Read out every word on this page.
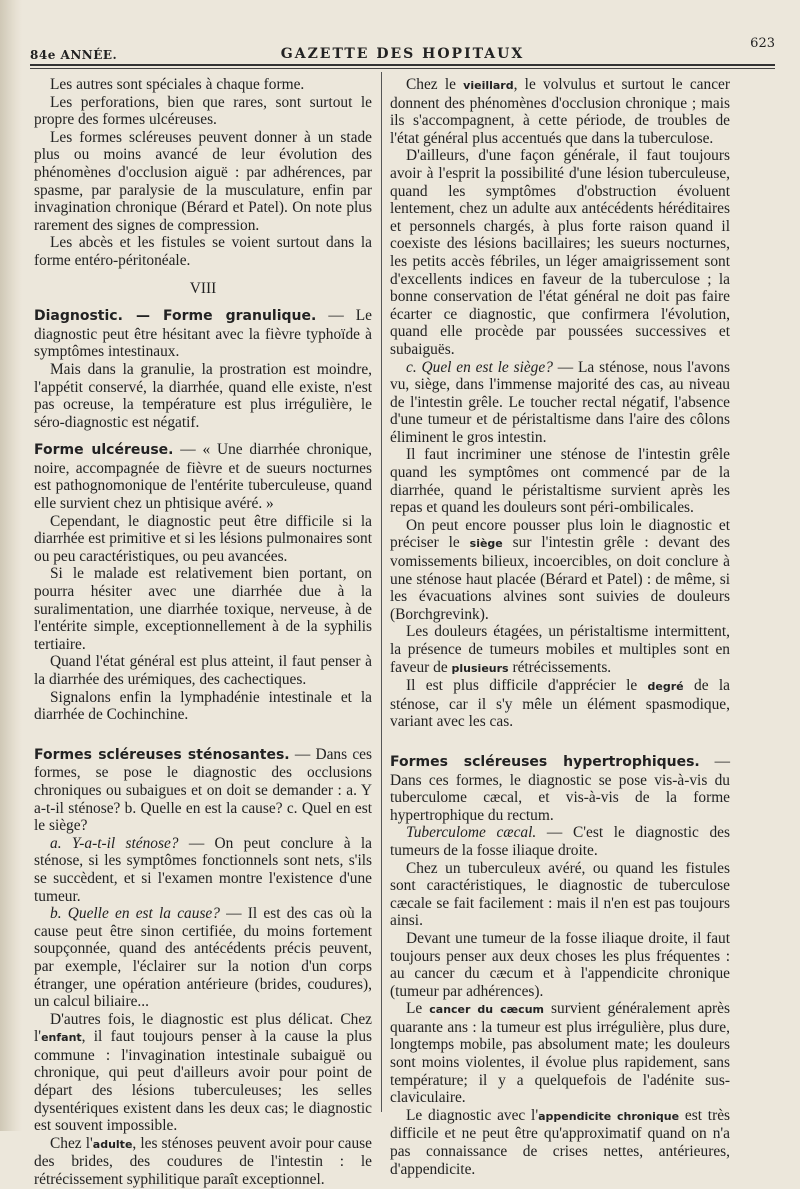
84e ANNÉE.	GAZETTE DES HOPITAUX
623

Les autres sont spéciales à chaque forme.

Les perforations, bien que rares, sont surtout le propre des formes ulcéreuses.

Les formes scléreuses peuvent donner à un stade plus ou moins avancé de leur évolution des phénomènes d'occlusion aiguë : par adhérences, par spasme, par paralysie de la musculature, enfin par invagination chronique (Bérard et Patel). On note plus rarement des signes de compression.

Les abcès et les fistules se voient surtout dans la forme entéro-péritonéale.

VIII

Diagnostic. — Forme granulique. — Le diagnostic peut être hésitant avec la fièvre typhoïde à symptômes intestinaux.

Mais dans la granulie, la prostration est moindre, l'appétit conservé, la diarrhée, quand elle existe, n'est pas ocreuse, la température est plus irrégulière, le séro-diagnostic est négatif.

Forme ulcéreuse. — « Une diarrhée chronique, noire, accompagnée de fièvre et de sueurs nocturnes est pathognomonique de l'entérite tuberculeuse, quand elle survient chez un phtisique avéré. »

Cependant, le diagnostic peut être difficile si la diarrhée est primitive et si les lésions pulmonaires sont ou peu caractéristiques, ou peu avancées.

Si le malade est relativement bien portant, on pourra hésiter avec une diarrhée due à la suralimentation, une diarrhée toxique, nerveuse, à de l'entérite simple, exceptionnellement à de la syphilis tertiaire.

Quand l'état général est plus atteint, il faut penser à la diarrhée des urémiques, des cachectiques.

Signalons enfin la lymphadénie intestinale et la diarrhée de Cochinchine.

Formes scléreuses sténosantes. — Dans ces formes, se pose le diagnostic des occlusions chroniques ou subaigues et on doit se demander : a. Y a-t-il sténose? b. Quelle en est la cause? c. Quel en est le siège?

a. Y-a-t-il sténose? — On peut conclure à la sténose, si les symptômes fonctionnels sont nets, s'ils se succèdent, et si l'examen montre l'existence d'une tumeur.

b. Quelle en est la cause? — Il est des cas où la cause peut être sinon certifiée, du moins fortement soupçonnée, quand des antécédents précis peuvent, par exemple, l'éclairer sur la notion d'un corps étranger, une opération antérieure (brides, coudures), un calcul biliaire...

D'autres fois, le diagnostic est plus délicat. Chez l'enfant, il faut toujours penser à la cause la plus commune : l'invagination intestinale subaiguë ou chronique, qui peut d'ailleurs avoir pour point de départ des lésions tuberculeuses; les selles dysentériques existent dans les deux cas; le diagnostic est souvent impossible.

Chez l'adulte, les sténoses peuvent avoir pour cause des brides, des coudures de l'intestin : le rétrécissement syphilitique paraît exceptionnel.

Chez le vieillard, le volvulus et surtout le cancer donnent des phénomènes d'occlusion chronique ; mais ils s'accompagnent, à cette période, de troubles de l'état général plus accentués que dans la tuberculose.

D'ailleurs, d'une façon générale, il faut toujours avoir à l'esprit la possibilité d'une lésion tuberculeuse, quand les symptômes d'obstruction évoluent lentement, chez un adulte aux antécédents héréditaires et personnels chargés, à plus forte raison quand il coexiste des lésions bacillaires; les sueurs nocturnes, les petits accès fébriles, un léger amaigrissement sont d'excellents indices en faveur de la tuberculose ; la bonne conservation de l'état général ne doit pas faire écarter ce diagnostic, que confirmera l'évolution, quand elle procède par poussées successives et subaiguës.

c. Quel en est le siège? — La sténose, nous l'avons vu, siège, dans l'immense majorité des cas, au niveau de l'intestin grêle. Le toucher rectal négatif, l'absence d'une tumeur et de péristaltisme dans l'aire des côlons éliminent le gros intestin.

Il faut incriminer une sténose de l'intestin grêle quand les symptômes ont commencé par de la diarrhée, quand le péristaltisme survient après les repas et quand les douleurs sont péri-ombilicales.

On peut encore pousser plus loin le diagnostic et préciser le siège sur l'intestin grêle : devant des vomissements bilieux, incoercibles, on doit conclure à une sténose haut placée (Bérard et Patel) : de même, si les évacuations alvines sont suivies de douleurs (Borchgrevink).

Les douleurs étagées, un péristaltisme intermittent, la présence de tumeurs mobiles et multiples sont en faveur de plusieurs rétrécissements.

Il est plus difficile d'apprécier le degré de la sténose, car il s'y mêle un élément spasmodique, variant avec les cas.

Formes scléreuses hypertrophiques. — Dans ces formes, le diagnostic se pose vis-à-vis du tuberculome cæcal, et vis-à-vis de la forme hypertrophique du rectum.

Tuberculome cæcal. — C'est le diagnostic des tumeurs de la fosse iliaque droite.

Chez un tuberculeux avéré, ou quand les fistules sont caractéristiques, le diagnostic de tuberculose cæcale se fait facilement : mais il n'en est pas toujours ainsi.

Devant une tumeur de la fosse iliaque droite, il faut toujours penser aux deux choses les plus fréquentes : au cancer du cæcum et à l'appendicite chronique (tumeur par adhérences).

Le cancer du cæcum survient généralement après quarante ans : la tumeur est plus irrégulière, plus dure, longtemps mobile, pas absolument mate; les douleurs sont moins violentes, il évolue plus rapidement, sans température; il y a quelquefois de l'adénite sus-claviculaire.

Le diagnostic avec l'appendicite chronique est très difficile et ne peut être qu'approximatif quand on n'a pas connaissance de crises nettes, antérieures, d'appendicite.
